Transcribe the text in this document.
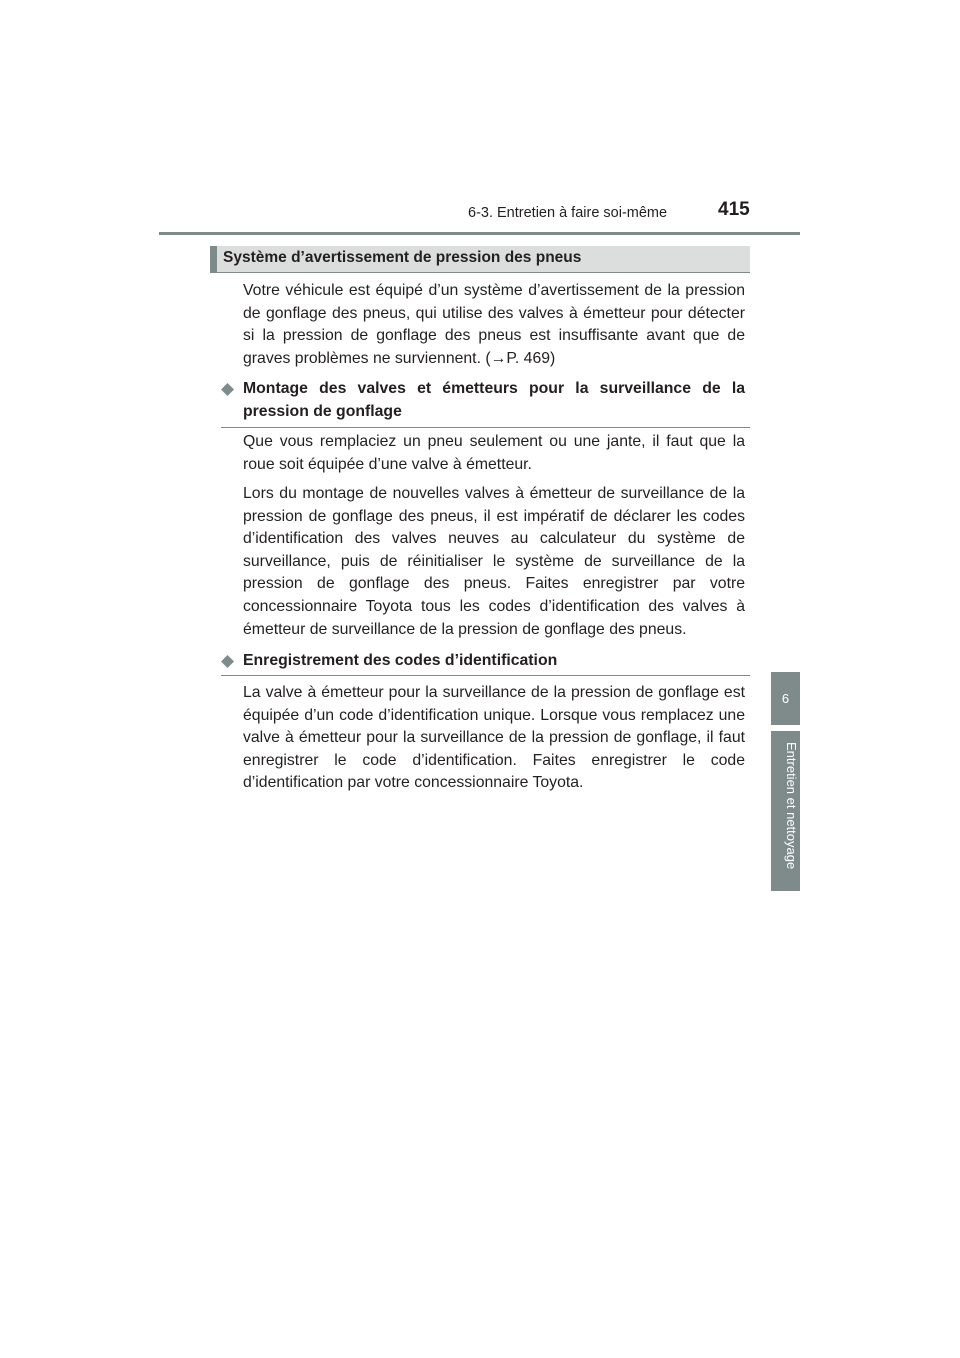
6-3. Entretien à faire soi-même	415
6
Entretien et nettoyage
Système d’avertissement de pression des pneus

Votre véhicule est équipé d’un système d’avertissement de la pression de gonflage des pneus, qui utilise des valves à émetteur pour détecter si la pression de gonflage des pneus est insuffisante avant que de graves problèmes ne surviennent. (→P. 469)

Montage des valves et émetteurs pour la surveillance de la pression de gonflage

Que vous remplaciez un pneu seulement ou une jante, il faut que la roue soit équipée d’une valve à émetteur.

Lors du montage de nouvelles valves à émetteur de surveillance de la pression de gonflage des pneus, il est impératif de déclarer les codes d’identification des valves neuves au calculateur du système de surveillance, puis de réinitialiser le système de surveillance de la pression de gonflage des pneus. Faites enregistrer par votre concessionnaire Toyota tous les codes d’identification des valves à émetteur de surveillance de la pression de gonflage des pneus.

Enregistrement des codes d’identification

La valve à émetteur pour la surveillance de la pression de gonflage est équipée d’un code d’identification unique. Lorsque vous remplacez une valve à émetteur pour la surveillance de la pression de gonflage, il faut enregistrer le code d’identification. Faites enregistrer le code d’identification par votre concessionnaire Toyota.
